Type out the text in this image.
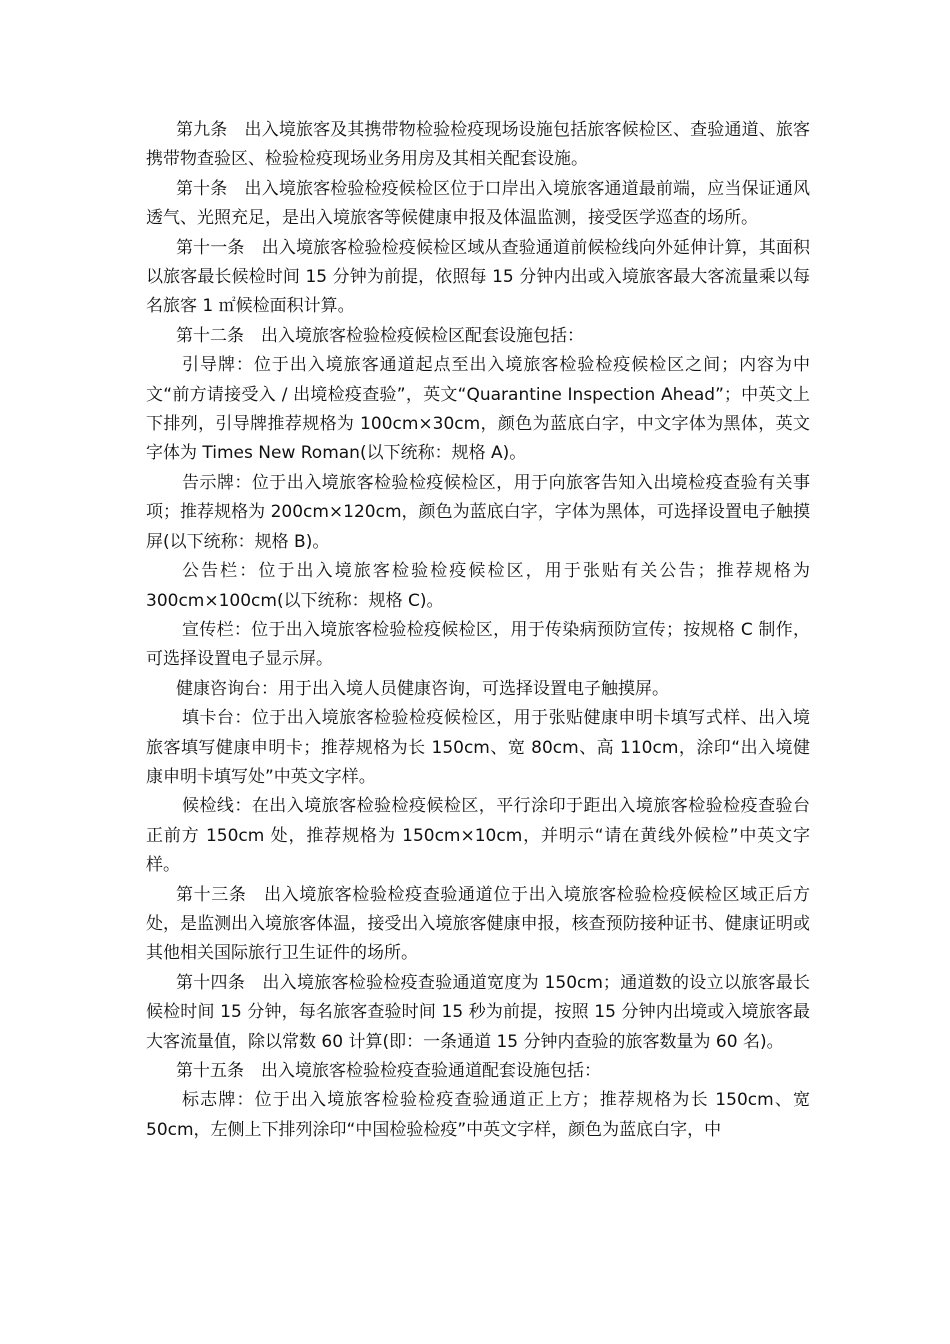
第九条　出入境旅客及其携带物检验检疫现场设施包括旅客候检区、查验通道、旅客携带物查验区、检验检疫现场业务用房及其相关配套设施。

第十条　出入境旅客检验检疫候检区位于口岸出入境旅客通道最前端，应当保证通风透气、光照充足，是出入境旅客等候健康申报及体温监测，接受医学巡查的场所。

第十一条　出入境旅客检验检疫候检区域从查验通道前候检线向外延伸计算，其面积以旅客最长候检时间 15 分钟为前提，依照每 15 分钟内出或入境旅客最大客流量乘以每名旅客 1 ㎡候检面积计算。

第十二条　出入境旅客检验检疫候检区配套设施包括：

引导牌：位于出入境旅客通道起点至出入境旅客检验检疫候检区之间；内容为中文“前方请接受入 / 出境检疫查验”，英文“Quarantine Inspection Ahead”；中英文上下排列，引导牌推荐规格为 100cm×30cm，颜色为蓝底白字，中文字体为黑体，英文字体为 Times New Roman(以下统称：规格 A)。

告示牌：位于出入境旅客检验检疫候检区，用于向旅客告知入出境检疫查验有关事项；推荐规格为 200cm×120cm，颜色为蓝底白字，字体为黑体，可选择设置电子触摸屏(以下统称：规格 B)。

公告栏：位于出入境旅客检验检疫候检区，用于张贴有关公告；推荐规格为 300cm×100cm(以下统称：规格 C)。

宣传栏：位于出入境旅客检验检疫候检区，用于传染病预防宣传；按规格 C 制作，可选择设置电子显示屏。

健康咨询台：用于出入境人员健康咨询，可选择设置电子触摸屏。

填卡台：位于出入境旅客检验检疫候检区，用于张贴健康申明卡填写式样、出入境旅客填写健康申明卡；推荐规格为长 150cm、宽 80cm、高 110cm，涂印“出入境健康申明卡填写处”中英文字样。

候检线：在出入境旅客检验检疫候检区，平行涂印于距出入境旅客检验检疫查验台正前方 150cm 处，推荐规格为 150cm×10cm，并明示“请在黄线外候检”中英文字样。

第十三条　出入境旅客检验检疫查验通道位于出入境旅客检验检疫候检区域正后方处，是监测出入境旅客体温，接受出入境旅客健康申报，核查预防接种证书、健康证明或其他相关国际旅行卫生证件的场所。

第十四条　出入境旅客检验检疫查验通道宽度为 150cm；通道数的设立以旅客最长候检时间 15 分钟，每名旅客查验时间 15 秒为前提，按照 15 分钟内出境或入境旅客最大客流量值，除以常数 60 计算(即：一条通道 15 分钟内查验的旅客数量为 60 名)。

第十五条　出入境旅客检验检疫查验通道配套设施包括：

标志牌：位于出入境旅客检验检疫查验通道正上方；推荐规格为长 150cm、宽 50cm，左侧上下排列涂印“中国检验检疫”中英文字样，颜色为蓝底白字，中
